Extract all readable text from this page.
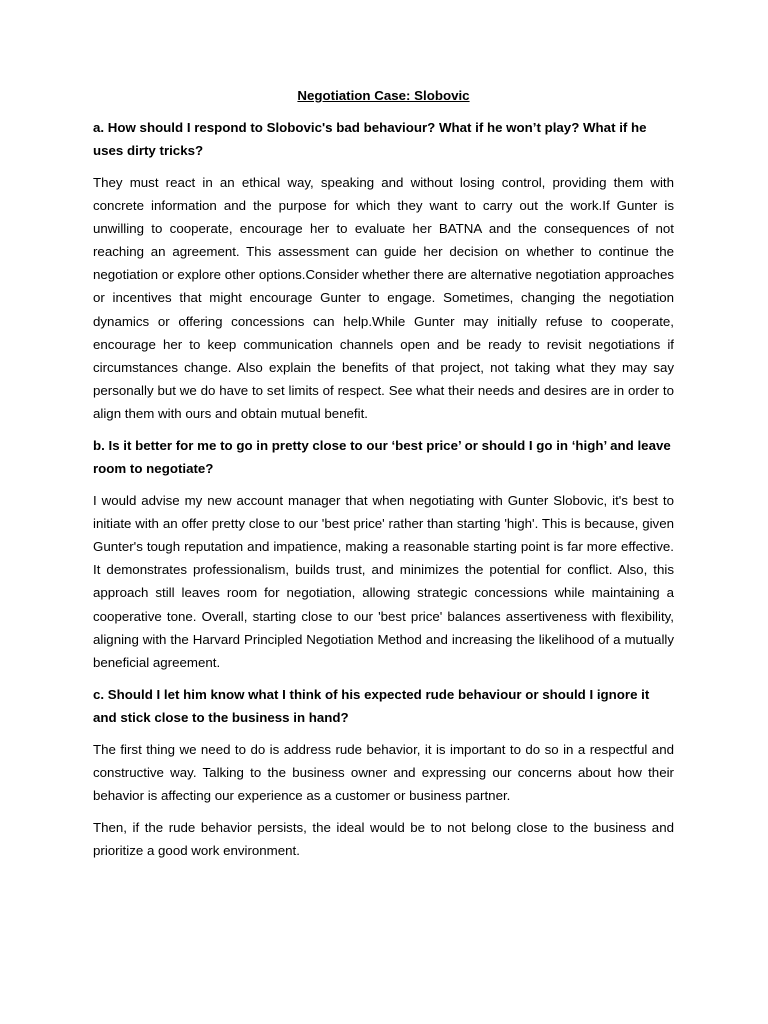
Negotiation Case: Slobovic
a. How should I respond to Slobovic's bad behaviour? What if he won’t play? What if he uses dirty tricks?

They must react in an ethical way, speaking and without losing control, providing them with concrete information and the purpose for which they want to carry out the work.If Gunter is unwilling to cooperate, encourage her to evaluate her BATNA and the consequences of not reaching an agreement. This assessment can guide her decision on whether to continue the negotiation or explore other options.Consider whether there are alternative negotiation approaches or incentives that might encourage Gunter to engage. Sometimes, changing the negotiation dynamics or offering concessions can help.While Gunter may initially refuse to cooperate, encourage her to keep communication channels open and be ready to revisit negotiations if circumstances change. Also explain the benefits of that project, not taking what they may say personally but we do have to set limits of respect. See what their needs and desires are in order to align them with ours and obtain mutual benefit.

b. Is it better for me to go in pretty close to our ‘best price’ or should I go in ‘high’ and leave room to negotiate?

I would advise my new account manager that when negotiating with Gunter Slobovic, it's best to initiate with an offer pretty close to our 'best price' rather than starting 'high'. This is because, given Gunter's tough reputation and impatience, making a reasonable starting point is far more effective. It demonstrates professionalism, builds trust, and minimizes the potential for conflict. Also, this approach still leaves room for negotiation, allowing strategic concessions while maintaining a cooperative tone. Overall, starting close to our 'best price' balances assertiveness with flexibility, aligning with the Harvard Principled Negotiation Method and increasing the likelihood of a mutually beneficial agreement.

c. Should I let him know what I think of his expected rude behaviour or should I ignore it and stick close to the business in hand?

The first thing we need to do is address rude behavior, it is important to do so in a respectful and constructive way. Talking to the business owner and expressing our concerns about how their behavior is affecting our experience as a customer or business partner.

Then, if the rude behavior persists, the ideal would be to not belong close to the business and prioritize a good work environment.
